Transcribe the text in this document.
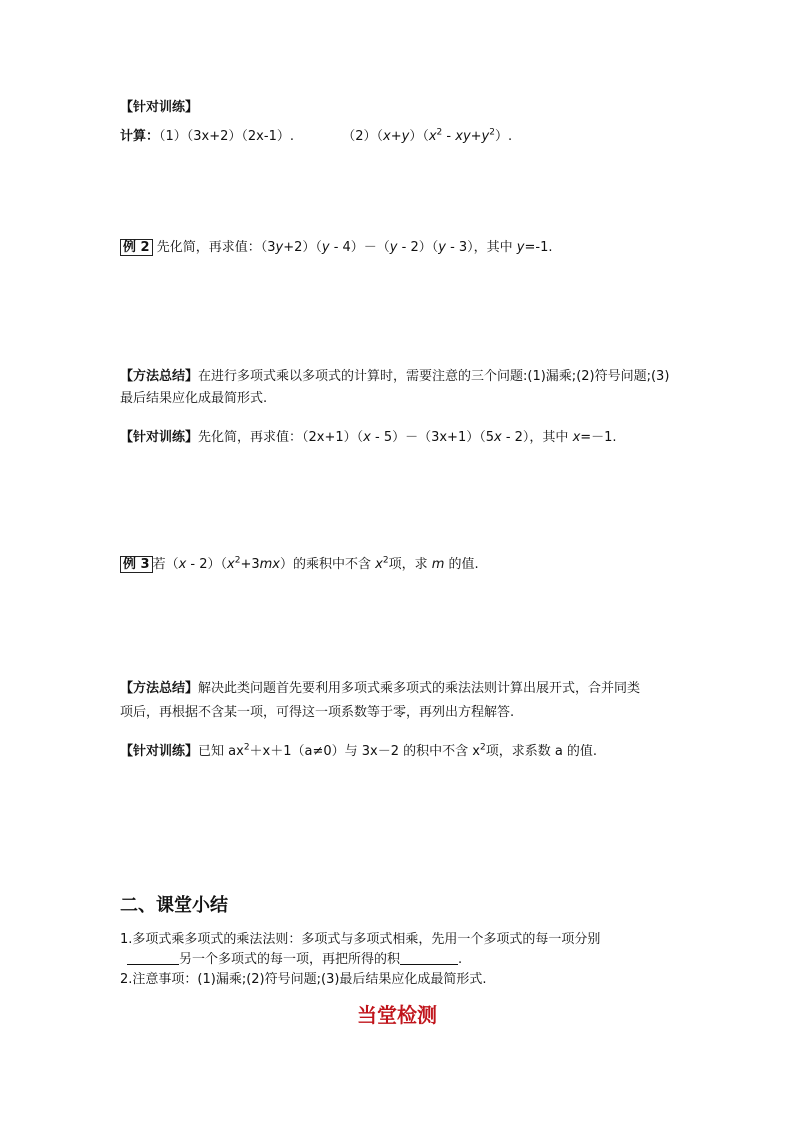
【针对训练】
计算：（1）（3x+2）（2x-1）.	$(2)(x+y)(x^2 - xy+y^2)$.
例 2 先化简，再求值：（3y+2）（y - 4）－（y - 2）（y - 3），其中 y=-1.
【方法总结】在进行多项式乘以多项式的计算时，需要注意的三个问题:(1)漏乘;(2)符号问题;(3)
最后结果应化成最简形式.
【针对训练】先化简，再求值：（2x+1）（x - 5）－（3x+1）（5x - 2），其中 x=－1.
例 3 若$(x - 2)(x^2+3mx)$的乘积中不含 $x^2$项，求 m 的值.
【方法总结】解决此类问题首先要利用多项式乘多项式的乘法法则计算出展开式，合并同类
项后，再根据不含某一项，可得这一项系数等于零，再列出方程解答.
【针对训练】已知 $ax^2+x+1(a\ne 0)$与 3x－2 的积中不含 $x^2$项，求系数 a 的值.
二、课堂小结
1.多项式乘多项式的乘法法则：多项式与多项式相乘，先用一个多项式的每一项分别
另一个多项式的每一项，再把所得的积	.
2.注意事项：(1)漏乘;(2)符号问题;(3)最后结果应化成最简形式.
当堂检测
